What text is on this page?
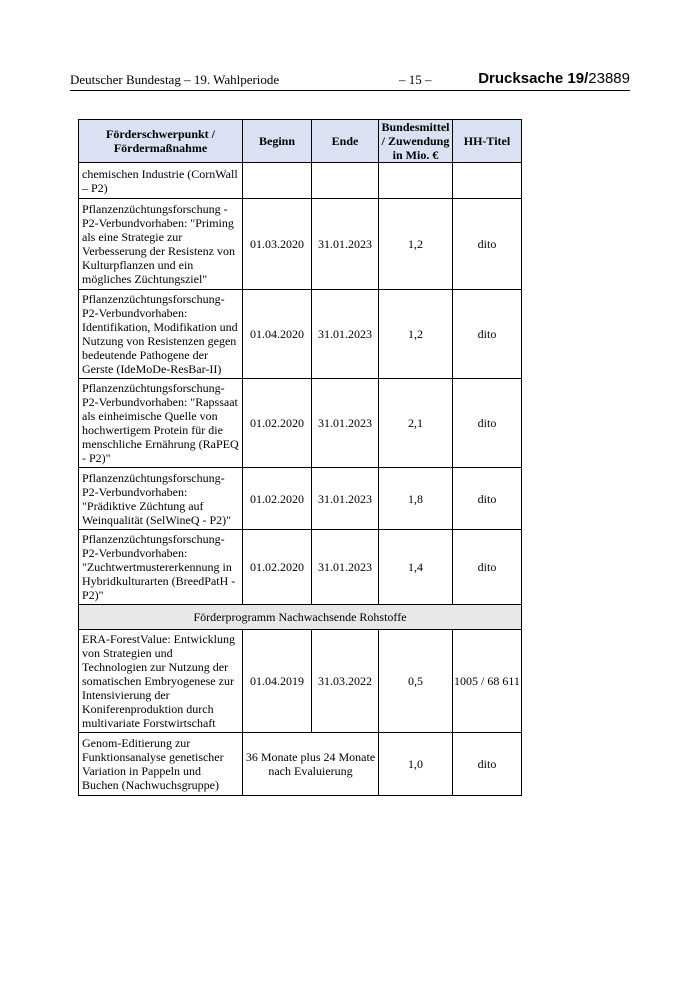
Deutscher Bundestag – 19. Wahlperiode	– 15 –	Drucksache 19/23889
Förderschwerpunkt / Fördermaßnahme	Beginn	Ende	Bundesmittel / Zuwendung in Mio. €	HH-Titel
chemischen Industrie (CornWall – P2)				
Pflanzenzüchtungsforschung - P2-Verbundvorhaben: "Priming als eine Strategie zur Verbesserung der Resistenz von Kulturpflanzen und ein mögliches Züchtungsziel"	01.03.2020	31.01.2023	1,2	dito
Pflanzenzüchtungsforschung-P2-Verbundvorhaben: Identifikation, Modifikation und Nutzung von Resistenzen gegen bedeutende Pathogene der Gerste (IdeMoDe-ResBar-II)	01.04.2020	31.01.2023	1,2	dito
Pflanzenzüchtungsforschung-P2-Verbundvorhaben: "Rapssaat als einheimische Quelle von hochwertigem Protein für die menschliche Ernährung (RaPEQ - P2)"	01.02.2020	31.01.2023	2,1	dito
Pflanzenzüchtungsforschung-P2-Verbundvorhaben: "Prädiktive Züchtung auf Weinqualität (SelWineQ - P2)"	01.02.2020	31.01.2023	1,8	dito
Pflanzenzüchtungsforschung-P2-Verbundvorhaben: "Zuchtwertmustererkennung in Hybridkulturarten (BreedPatH - P2)"	01.02.2020	31.01.2023	1,4	dito
Förderprogramm Nachwachsende Rohstoffe				
ERA-ForestValue: Entwicklung von Strategien und Technologien zur Nutzung der somatischen Embryogenese zur Intensivierung der Koniferenproduktion durch multivariate Forstwirtschaft	01.04.2019	31.03.2022	0,5	1005 / 68 611
Genom-Editierung zur Funktionsanalyse genetischer Variation in Pappeln und Buchen (Nachwuchsgruppe)	36 Monate plus 24 Monate nach Evaluierung		1,0	dito
